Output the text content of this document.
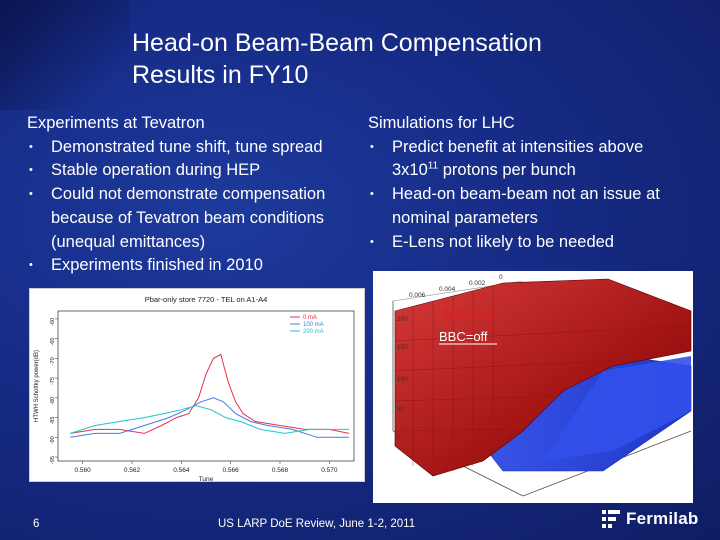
Head-on Beam-Beam Compensation
Results in FY10
Experiments at Tevatron
• Demonstrated tune shift, tune spread
• Stable operation during HEP
• Could not demonstrate compensation
because of Tevatron beam conditions
(unequal emittances)
• Experiments finished in 2010
Simulations for LHC
• Predict benefit at intensities above
$3x10^{11}$ protons per bunch
• Head-on beam-beam not an issue at
nominal parameters
• E-Lens not likely to be needed
Pbar-only store 7720 - TEL on A1-A4
0.560	0.562	0.564	0.566	0.568	0.570
-60
-65
-70
-75
-80
-85
-90
-95
Tune
HTWH Schottky power(dB)
0 mA
100 mA
200 mA
BBC=on
BBC=off
0.006
0.004
0.002
0
200
150
100
50
0
6	US LARP DoE Review, June 1-2, 2011	Fermilab
